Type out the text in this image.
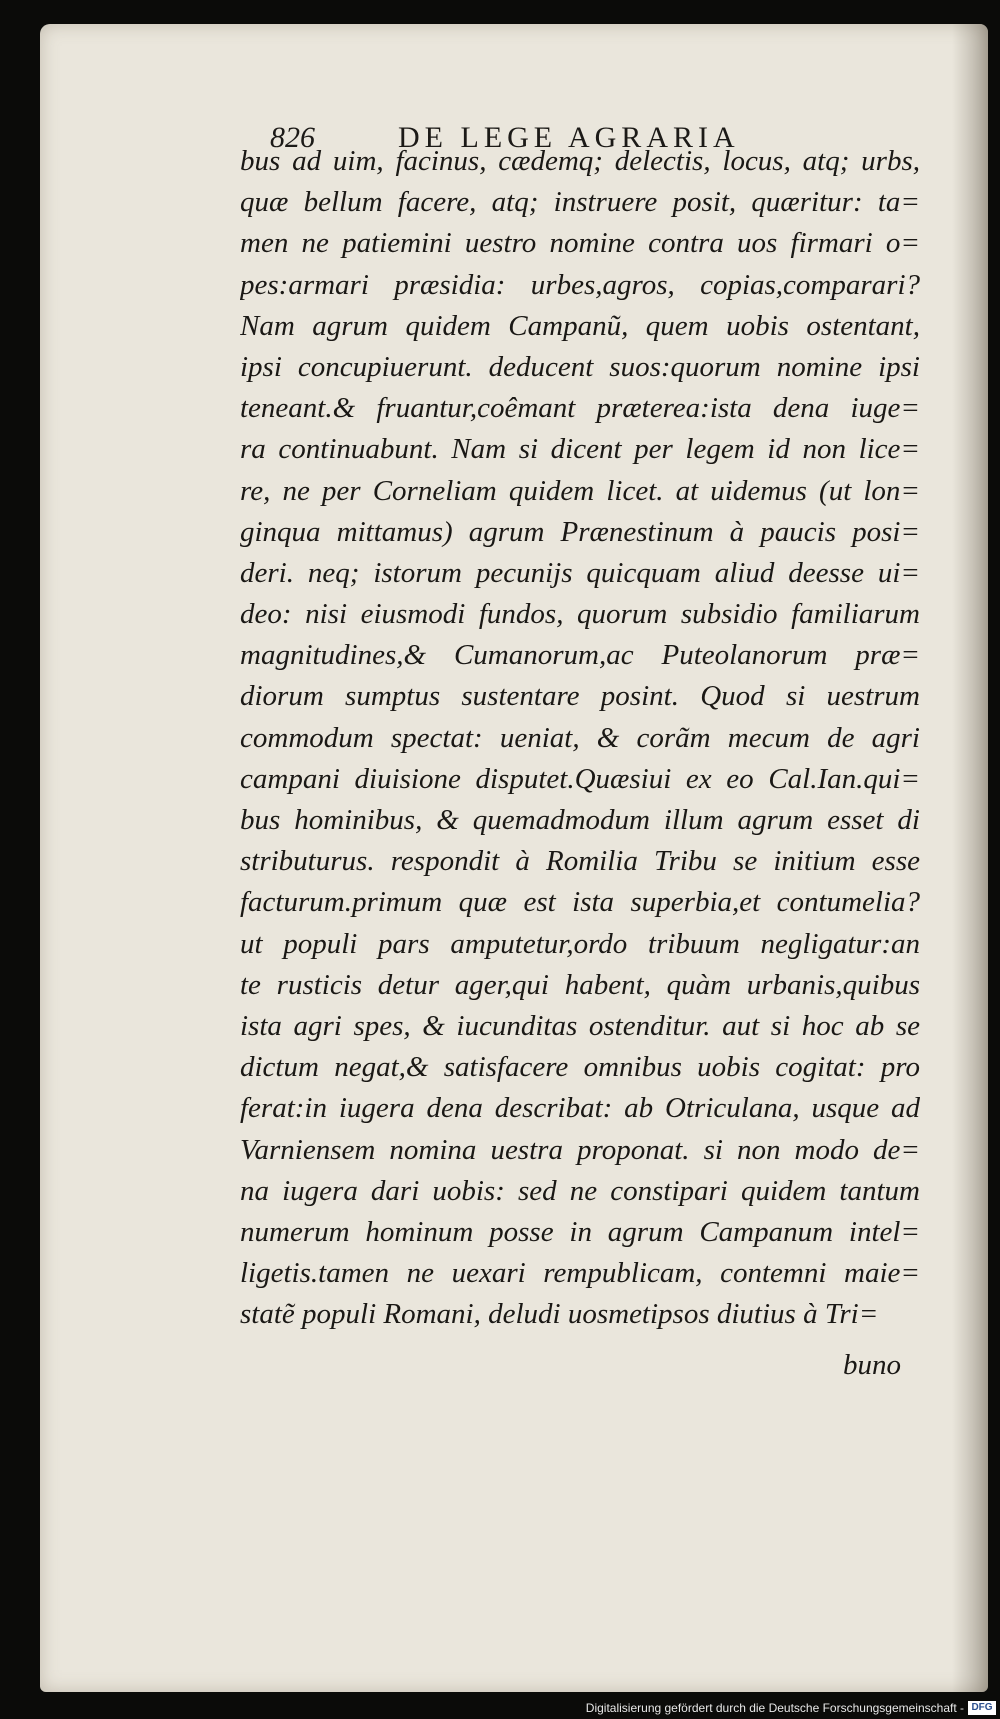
826	DE LEGE AGRARIA
bus ad uim, facinus, cædemq; delectis, locus, atq; urbs,
quæ bellum facere, atq; instruere posit, quæritur: ta=
men ne patiemini uestro nomine contra uos firmari o=
pes:armari præsidia: urbes,agros, copias,comparari?
Nam agrum quidem Campanũ, quem uobis ostentant,
ipsi concupiuerunt. deducent suos:quorum nomine ipsi
teneant.& fruantur,coêmant præterea:ista dena iuge=
ra continuabunt. Nam si dicent per legem id non lice=
re, ne per Corneliam quidem licet. at uidemus (ut lon=
ginqua mittamus) agrum Prænestinum à paucis posi=
deri. neq; istorum pecunijs quicquam aliud deesse ui=
deo: nisi eiusmodi fundos, quorum subsidio familiarum
magnitudines,& Cumanorum,ac Puteolanorum præ=
diorum sumptus sustentare posint. Quod si uestrum
commodum spectat: ueniat, & corãm mecum de agri
campani diuisione disputet.Quæsiui ex eo Cal.Ian.qui=
bus hominibus, & quemadmodum illum agrum esset di
stributurus. respondit à Romilia Tribu se initium esse
facturum.primum quæ est ista superbia,et contumelia?
ut populi pars amputetur,ordo tribuum negligatur:an
te rusticis detur ager,qui habent, quàm urbanis,quibus
ista agri spes, & iucunditas ostenditur. aut si hoc ab se
dictum negat,& satisfacere omnibus uobis cogitat: pro
ferat:in iugera dena describat: ab Otriculana, usque ad
Varniensem nomina uestra proponat. si non modo de=
na iugera dari uobis: sed ne constipari quidem tantum
numerum hominum posse in agrum Campanum intel=
ligetis.tamen ne uexari rempublicam, contemni maie=
statẽ populi Romani, deludi uosmetipsos diutius à Tri=
buno
Digitalisierung gefördert durch die Deutsche Forschungsgemeinschaft - DFG
